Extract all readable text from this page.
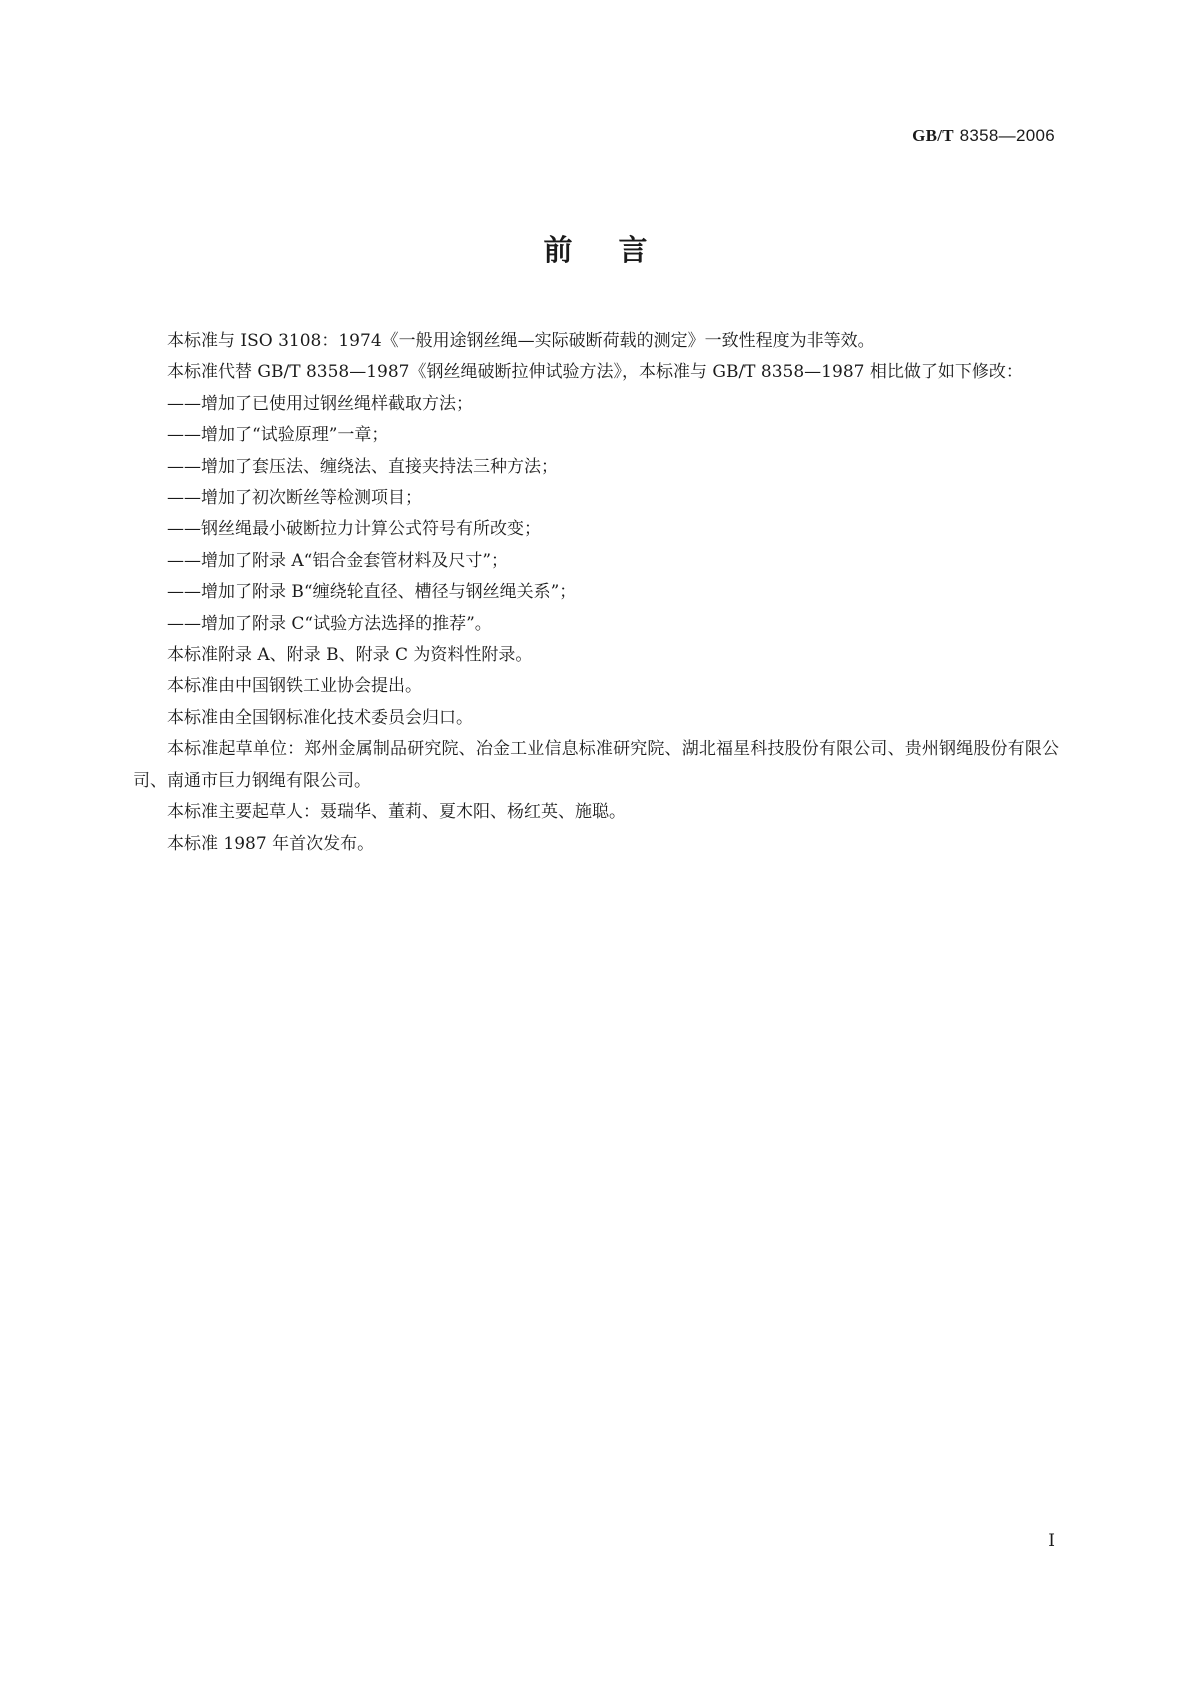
GB/T 8358—2006
前言

本标准与 ISO 3108：1974《一般用途钢丝绳—实际破断荷载的测定》一致性程度为非等效。

本标准代替 GB/T 8358—1987《钢丝绳破断拉伸试验方法》，本标准与 GB/T 8358—1987 相比做了如下修改：

——增加了已使用过钢丝绳样截取方法；
——增加了“试验原理”一章；
——增加了套压法、缠绕法、直接夹持法三种方法；
——增加了初次断丝等检测项目；
——钢丝绳最小破断拉力计算公式符号有所改变；
——增加了附录 A“铝合金套管材料及尺寸”；
——增加了附录 B“缠绕轮直径、槽径与钢丝绳关系”；
——增加了附录 C“试验方法选择的推荐”。

本标准附录 A、附录 B、附录 C 为资料性附录。

本标准由中国钢铁工业协会提出。

本标准由全国钢标准化技术委员会归口。

本标准起草单位：郑州金属制品研究院、冶金工业信息标准研究院、湖北福星科技股份有限公司、贵州钢绳股份有限公司、南通市巨力钢绳有限公司。

本标准主要起草人：聂瑞华、董莉、夏木阳、杨红英、施聪。

本标准 1987 年首次发布。

I
